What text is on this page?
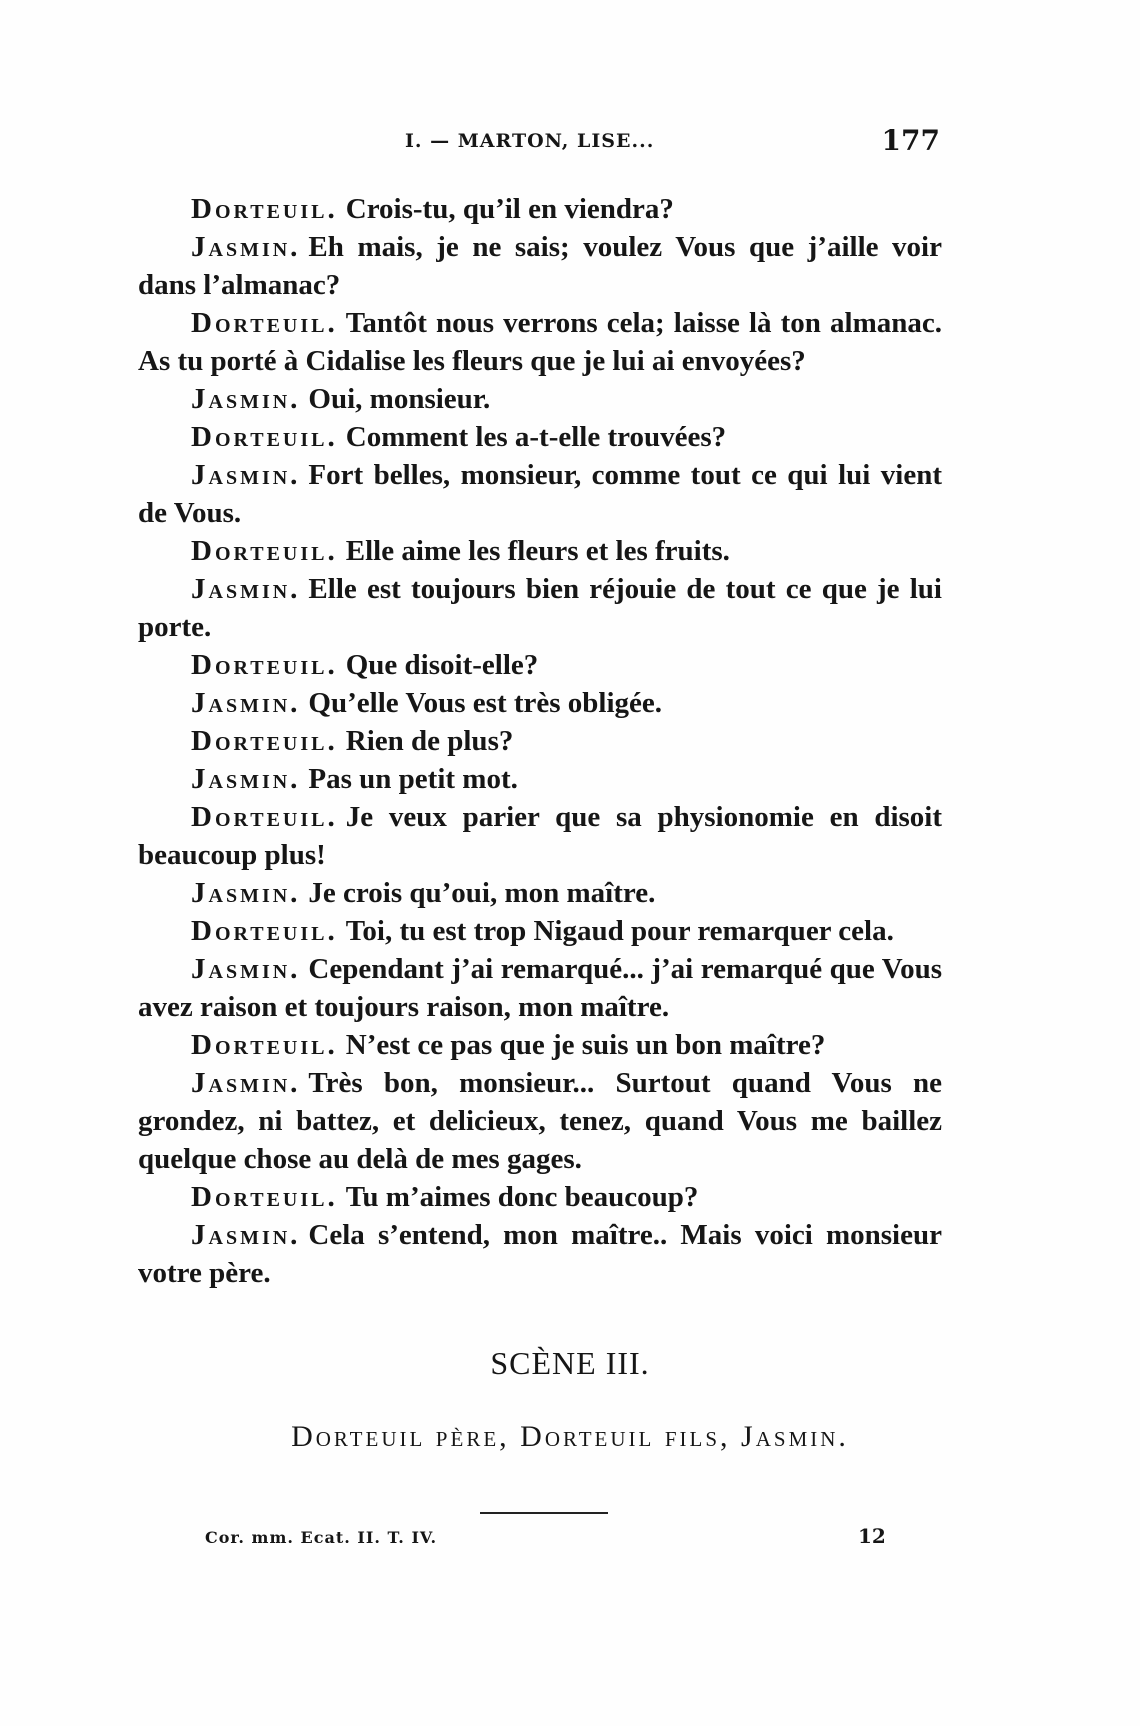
I. — MARTON, LISE...	177

Dorteuil. Crois-tu, qu’il en viendra?

Jasmin. Eh mais, je ne sais; voulez Vous que j’aille voir dans l’almanac?

Dorteuil. Tantôt nous verrons cela; laisse là ton almanac. As tu porté à Cidalise les fleurs que je lui ai envoyées?

Jasmin. Oui, monsieur.

Dorteuil. Comment les a-t-elle trouvées?

Jasmin. Fort belles, monsieur, comme tout ce qui lui vient de Vous.

Dorteuil. Elle aime les fleurs et les fruits.

Jasmin. Elle est toujours bien réjouie de tout ce que je lui porte.

Dorteuil. Que disoit-elle?

Jasmin. Qu’elle Vous est très obligée.

Dorteuil. Rien de plus?

Jasmin. Pas un petit mot.

Dorteuil. Je veux parier que sa physionomie en disoit beaucoup plus!

Jasmin. Je crois qu’oui, mon maître.

Dorteuil. Toi, tu est trop Nigaud pour remarquer cela.

Jasmin. Cependant j’ai remarqué... j’ai remarqué que Vous avez raison et toujours raison, mon maître.

Dorteuil. N’est ce pas que je suis un bon maître?

Jasmin. Très bon, monsieur... Surtout quand Vous ne grondez, ni battez, et delicieux, tenez, quand Vous me baillez quelque chose au delà de mes gages.

Dorteuil. Tu m’aimes donc beaucoup?

Jasmin. Cela s’entend, mon maître.. Mais voici monsieur votre père.

SCÈNE III.
Dorteuil père, Dorteuil fils, Jasmin.
Cor. mm. Ecat. II. T. IV.	12
